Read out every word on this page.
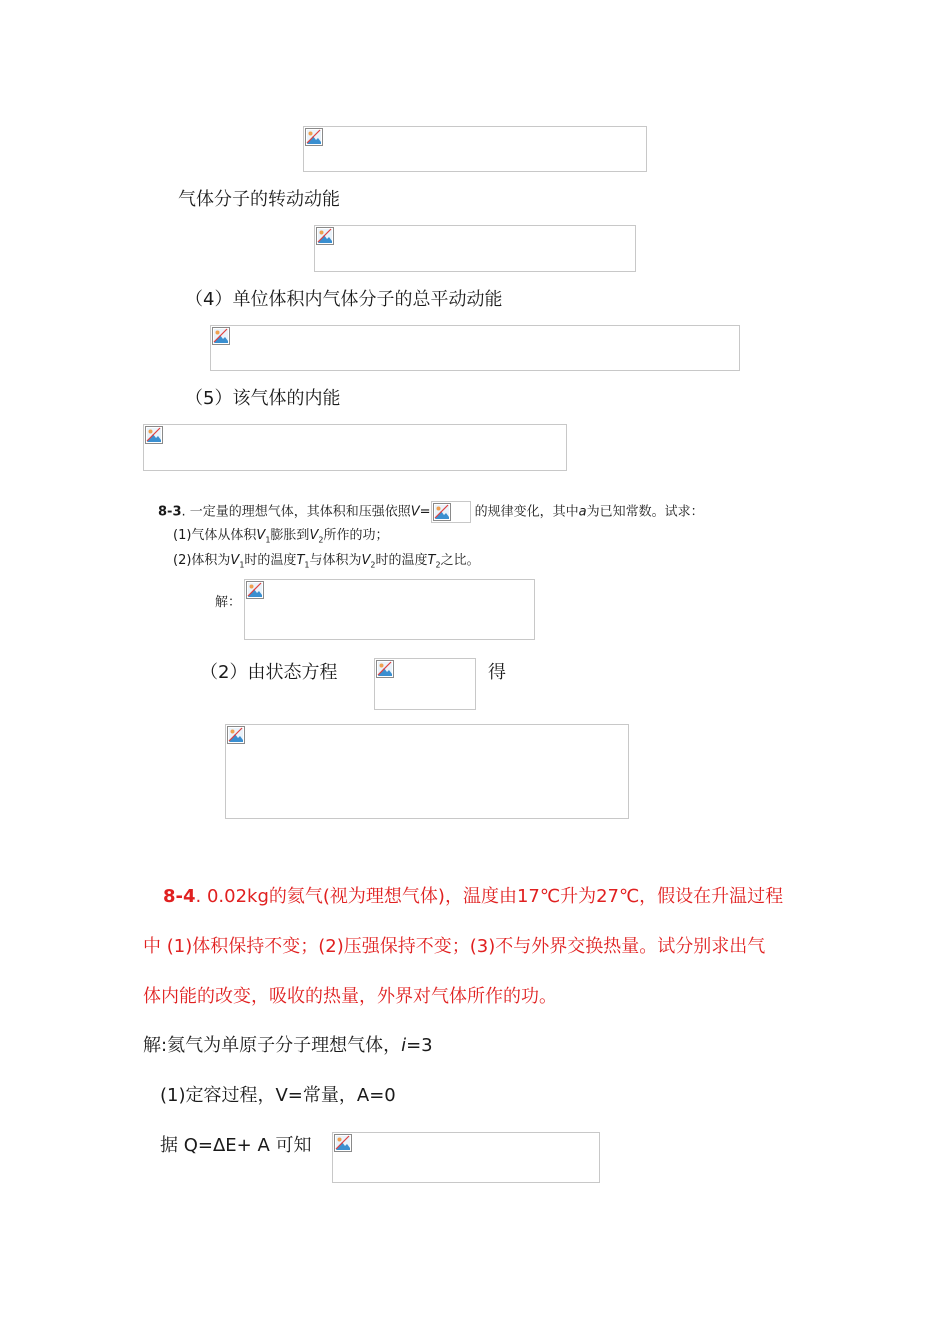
气体分子的转动动能
（4）单位体积内气体分子的总平动动能
（5）该气体的内能
8-3. 一定量的理想气体，其体积和压强依照V=	的规律变化，其中a为已知常数。试求：
(1)气体从体积$V_1$膨胀到$V_2$所作的功；
(2)体积为$V_1$时的温度$T_1$与体积为$V_2$时的温度$T_2$之比。
解：
（2）由状态方程	得
8-4. 0.02kg的氦气(视为理想气体)，温度由17℃升为27℃，假设在升温过程
中 (1)体积保持不变；(2)压强保持不变；(3)不与外界交换热量。试分别求出气
体内能的改变，吸收的热量，外界对气体所作的功。
解:氦气为单原子分子理想气体，i=3
(1)定容过程，V=常量，A=0
据 Q=ΔE+ A 可知
